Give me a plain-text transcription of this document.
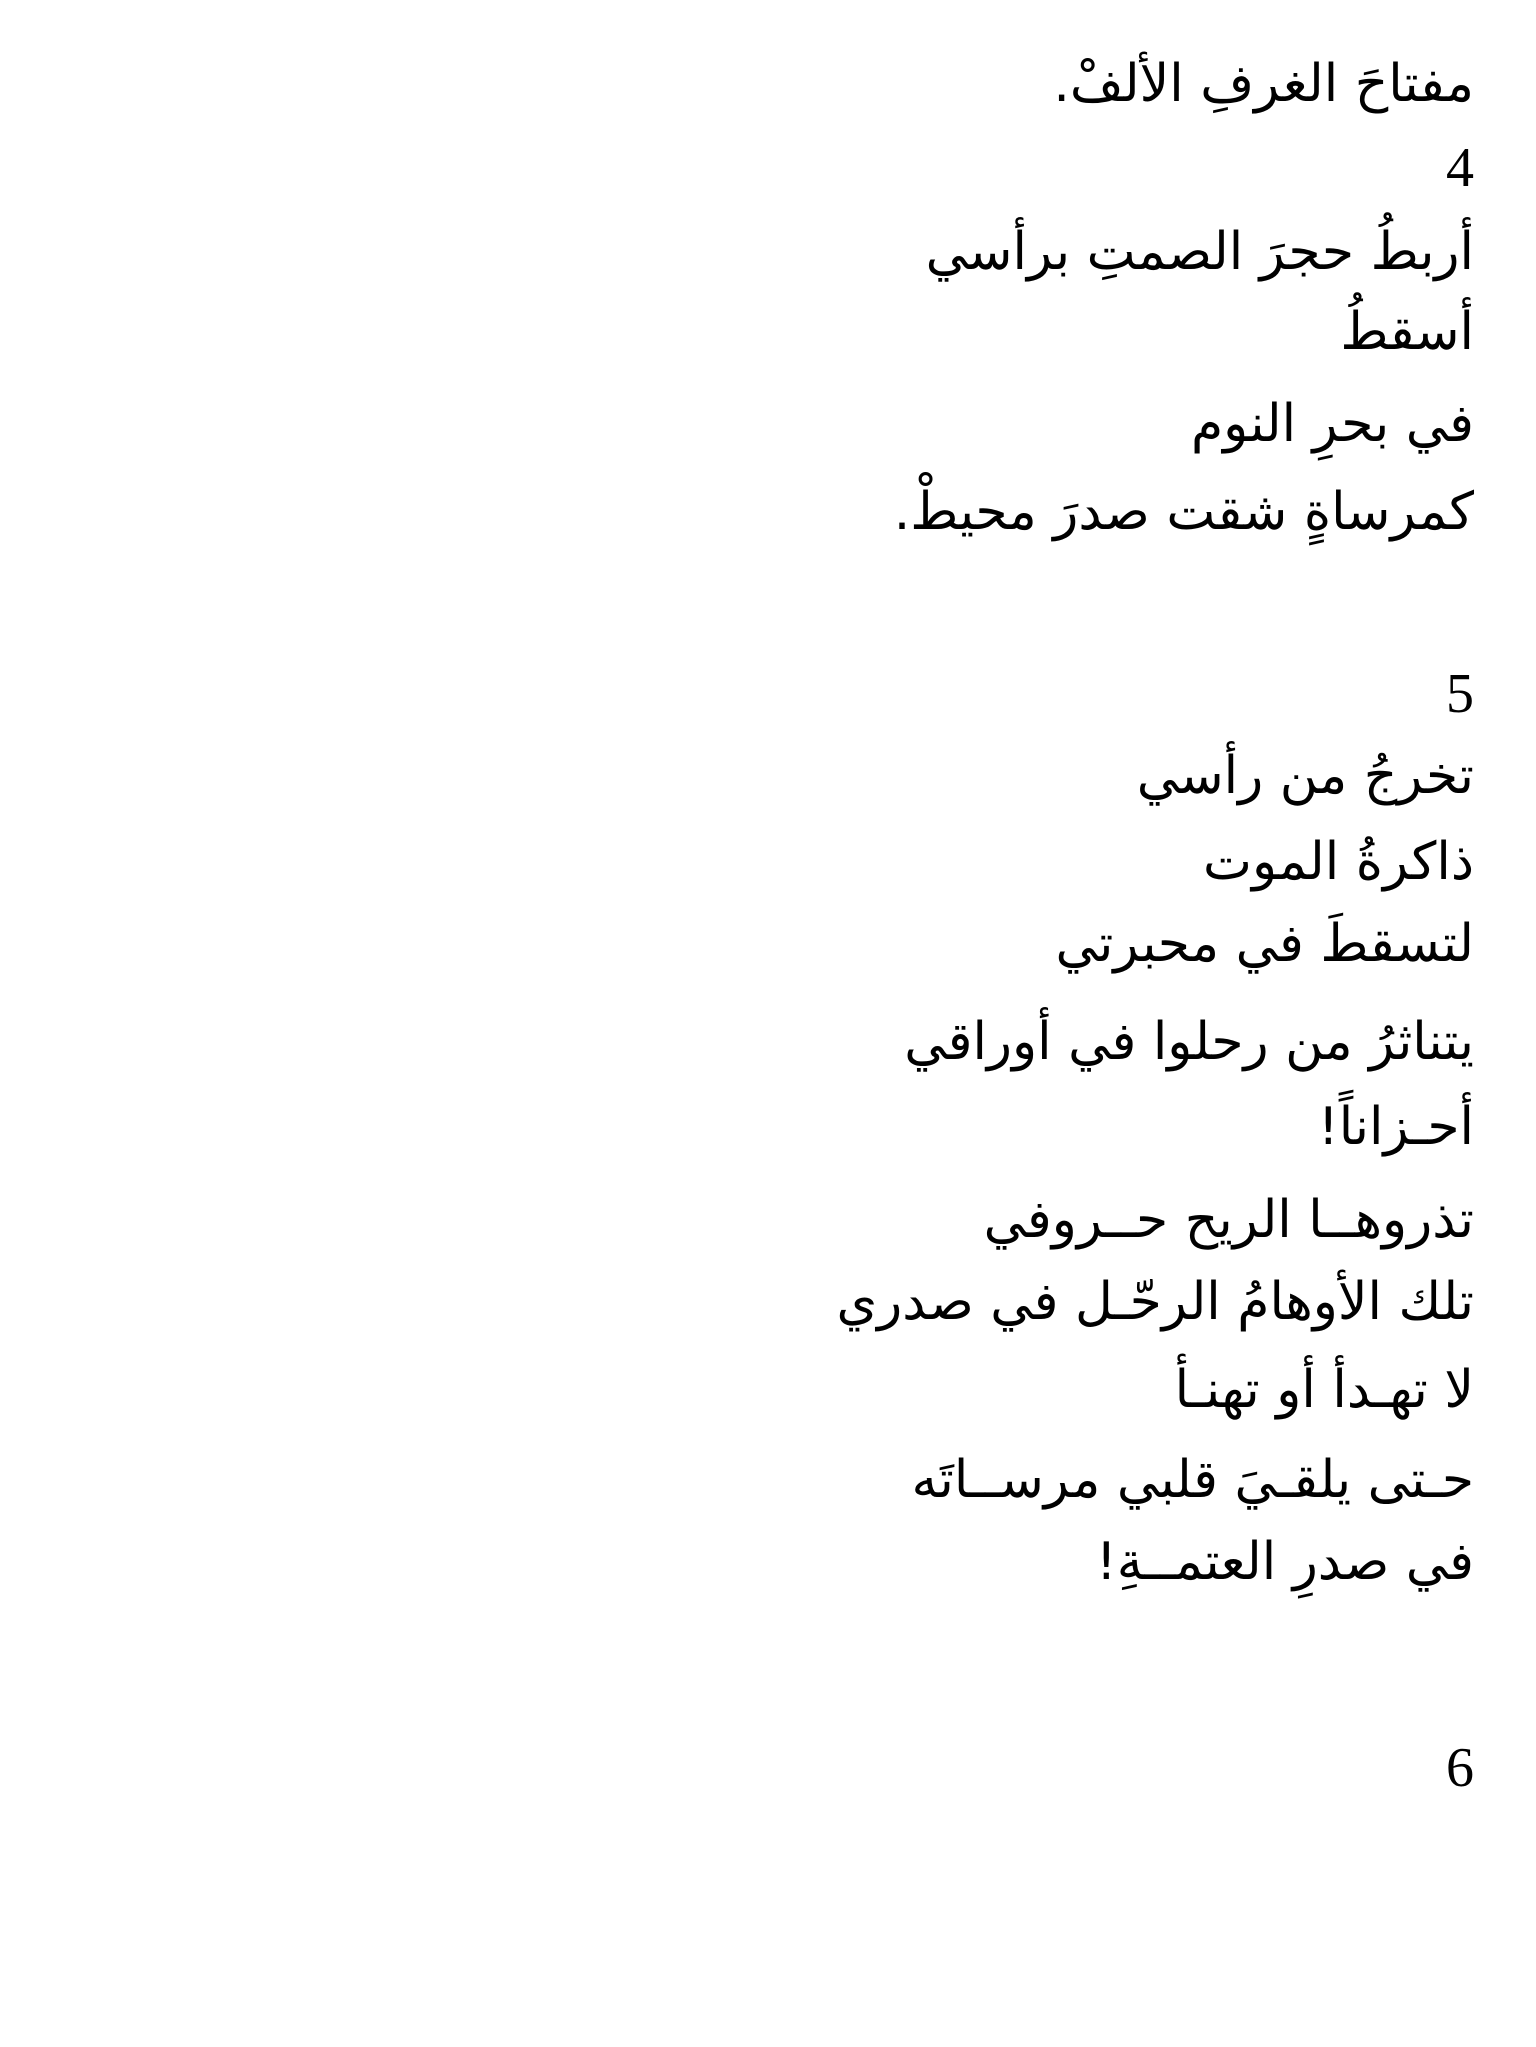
مفتاحَ الغرفِ الألفْ.

4

أربطُ حجرَ الصمتِ برأسي

أسقطُ

في بحرِ النوم

كمرساةٍ شقت صدرَ محيطْ.

5

تخرجُ من رأسي

ذاكرةُ الموت

لتسقطَ في محبرتي

يتناثرُ من رحلوا في أوراقي

أحـزاناً!

تذروهــا الريح حــروفي

تلك الأوهامُ الرحّـل في صدري

لا تهـدأ أو تهنـأ

حـتى يلقـيَ قلبي مرســاتَه

في صدرِ العتمــةِ!

6
